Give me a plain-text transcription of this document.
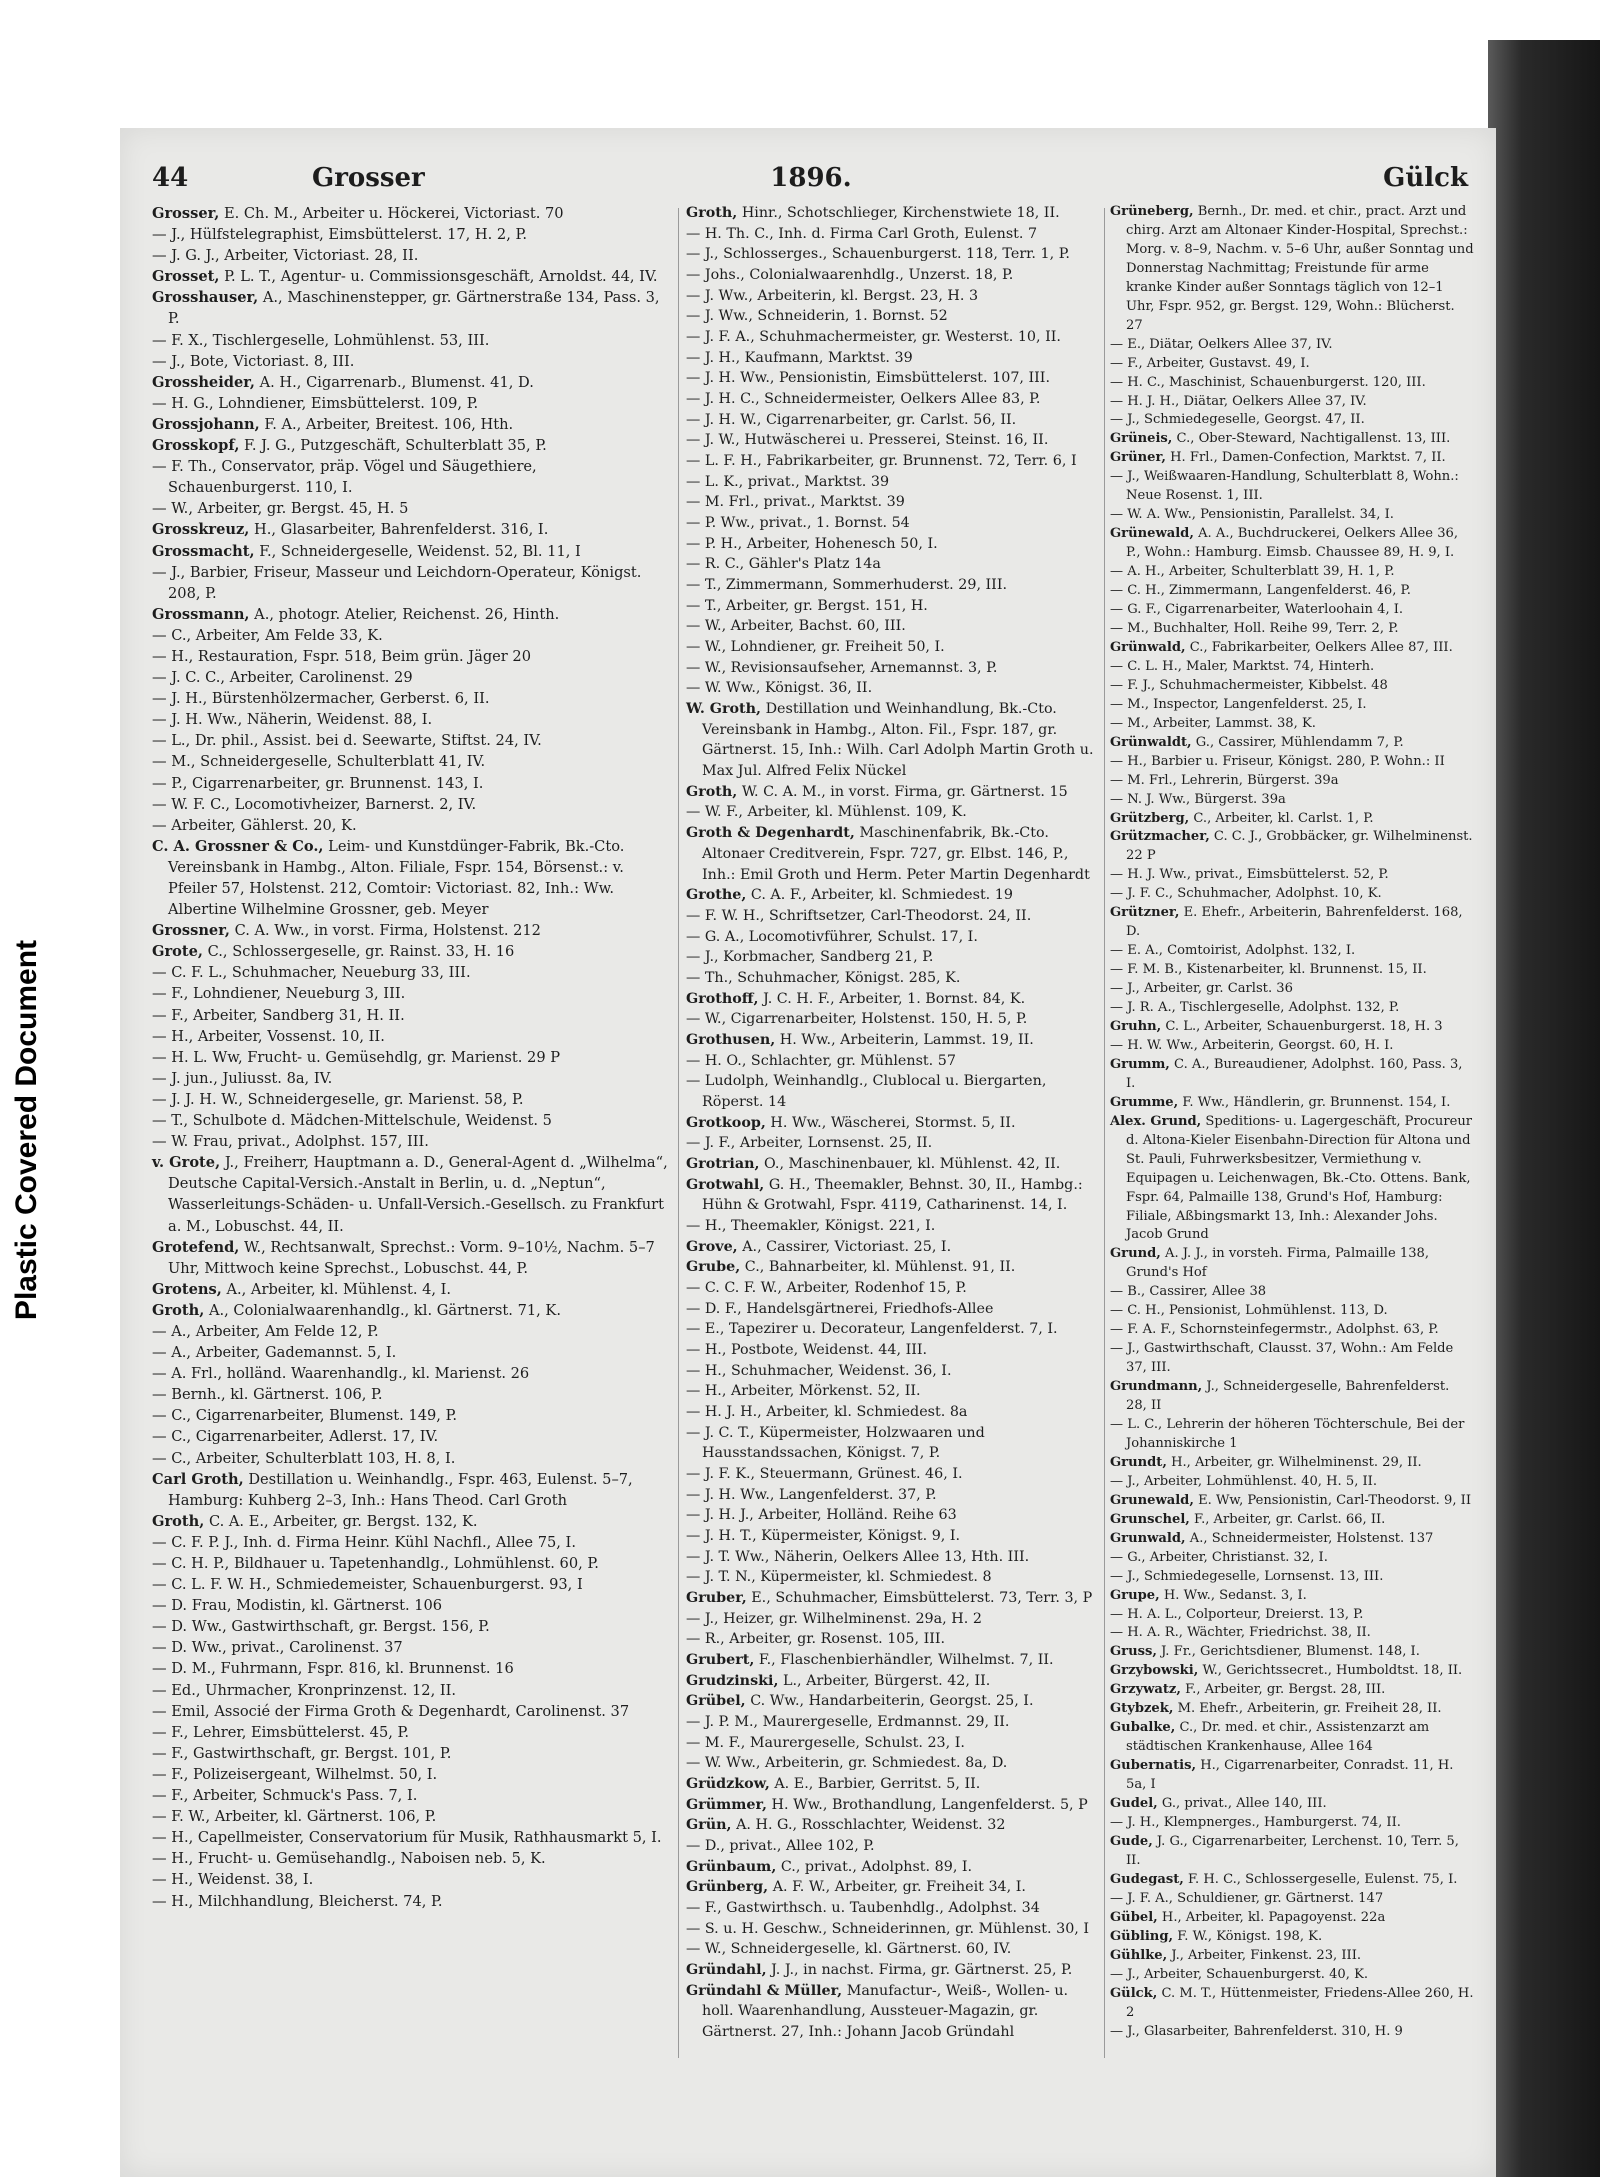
Plastic Covered Document
44	Grosser	1896.	Gülck

Grosser, E. Ch. M., Arbeiter u. Höckerei, Victoriast. 70

— J., Hülfstelegraphist, Eimsbüttelerst. 17, H. 2, P.

— J. G. J., Arbeiter, Victoriast. 28, II.

Grosset, P. L. T., Agentur- u. Commissionsgeschäft, Arnoldst. 44, IV.

Grosshauser, A., Maschinenstepper, gr. Gärtnerstraße 134, Pass. 3, P.

— F. X., Tischlergeselle, Lohmühlenst. 53, III.

— J., Bote, Victoriast. 8, III.

Grossheider, A. H., Cigarrenarb., Blumenst. 41, D.

— H. G., Lohndiener, Eimsbüttelerst. 109, P.

Grossjohann, F. A., Arbeiter, Breitest. 106, Hth.

Grosskopf, F. J. G., Putzgeschäft, Schulterblatt 35, P.

— F. Th., Conservator, präp. Vögel und Säugethiere, Schauenburgerst. 110, I.

— W., Arbeiter, gr. Bergst. 45, H. 5

Grosskreuz, H., Glasarbeiter, Bahrenfelderst. 316, I.

Grossmacht, F., Schneidergeselle, Weidenst. 52, Bl. 11, I

— J., Barbier, Friseur, Masseur und Leichdorn-Operateur, Königst. 208, P.

Grossmann, A., photogr. Atelier, Reichenst. 26, Hinth.

— C., Arbeiter, Am Felde 33, K.

— H., Restauration, Fspr. 518, Beim grün. Jäger 20

— J. C. C., Arbeiter, Carolinenst. 29

— J. H., Bürstenhölzermacher, Gerberst. 6, II.

— J. H. Ww., Näherin, Weidenst. 88, I.

— L., Dr. phil., Assist. bei d. Seewarte, Stiftst. 24, IV.

— M., Schneidergeselle, Schulterblatt 41, IV.

— P., Cigarrenarbeiter, gr. Brunnenst. 143, I.

— W. F. C., Locomotivheizer, Barnerst. 2, IV.

— Arbeiter, Gählerst. 20, K.

C. A. Grossner & Co., Leim- und Kunstdünger-Fabrik, Bk.-Cto. Vereinsbank in Hambg., Alton. Filiale, Fspr. 154, Börsenst.: v. Pfeiler 57, Holstenst. 212, Comtoir: Victoriast. 82, Inh.: Ww. Albertine Wilhelmine Grossner, geb. Meyer

Grossner, C. A. Ww., in vorst. Firma, Holstenst. 212

Grote, C., Schlossergeselle, gr. Rainst. 33, H. 16

— C. F. L., Schuhmacher, Neueburg 33, III.

— F., Lohndiener, Neueburg 3, III.

— F., Arbeiter, Sandberg 31, H. II.

— H., Arbeiter, Vossenst. 10, II.

— H. L. Ww, Frucht- u. Gemüsehdlg, gr. Marienst. 29 P

— J. jun., Juliusst. 8a, IV.

— J. J. H. W., Schneidergeselle, gr. Marienst. 58, P.

— T., Schulbote d. Mädchen-Mittelschule, Weidenst. 5

— W. Frau, privat., Adolphst. 157, III.

v. Grote, J., Freiherr, Hauptmann a. D., General-Agent d. „Wilhelma“, Deutsche Capital-Versich.-Anstalt in Berlin, u. d. „Neptun“, Wasserleitungs-Schäden- u. Unfall-Versich.-Gesellsch. zu Frankfurt a. M., Lobuschst. 44, II.

Grotefend, W., Rechtsanwalt, Sprechst.: Vorm. 9–10½, Nachm. 5–7 Uhr, Mittwoch keine Sprechst., Lobuschst. 44, P.

Grotens, A., Arbeiter, kl. Mühlenst. 4, I.

Groth, A., Colonialwaarenhandlg., kl. Gärtnerst. 71, K.

— A., Arbeiter, Am Felde 12, P.

— A., Arbeiter, Gademannst. 5, I.

— A. Frl., holländ. Waarenhandlg., kl. Marienst. 26

— Bernh., kl. Gärtnerst. 106, P.

— C., Cigarrenarbeiter, Blumenst. 149, P.

— C., Cigarrenarbeiter, Adlerst. 17, IV.

— C., Arbeiter, Schulterblatt 103, H. 8, I.

Carl Groth, Destillation u. Weinhandlg., Fspr. 463, Eulenst. 5–7, Hamburg: Kuhberg 2–3, Inh.: Hans Theod. Carl Groth

Groth, C. A. E., Arbeiter, gr. Bergst. 132, K.

— C. F. P. J., Inh. d. Firma Heinr. Kühl Nachfl., Allee 75, I.

— C. H. P., Bildhauer u. Tapetenhandlg., Lohmühlenst. 60, P.

— C. L. F. W. H., Schmiedemeister, Schauenburgerst. 93, I

— D. Frau, Modistin, kl. Gärtnerst. 106

— D. Ww., Gastwirthschaft, gr. Bergst. 156, P.

— D. Ww., privat., Carolinenst. 37

— D. M., Fuhrmann, Fspr. 816, kl. Brunnenst. 16

— Ed., Uhrmacher, Kronprinzenst. 12, II.

— Emil, Associé der Firma Groth & Degenhardt, Carolinenst. 37

— F., Lehrer, Eimsbüttelerst. 45, P.

— F., Gastwirthschaft, gr. Bergst. 101, P.

— F., Polizeisergeant, Wilhelmst. 50, I.

— F., Arbeiter, Schmuck's Pass. 7, I.

— F. W., Arbeiter, kl. Gärtnerst. 106, P.

— H., Capellmeister, Conservatorium für Musik, Rathhausmarkt 5, I.

— H., Frucht- u. Gemüsehandlg., Naboisen neb. 5, K.

— H., Weidenst. 38, I.

— H., Milchhandlung, Bleicherst. 74, P.

Groth, Hinr., Schotschlieger, Kirchenstwiete 18, II.

— H. Th. C., Inh. d. Firma Carl Groth, Eulenst. 7

— J., Schlosserges., Schauenburgerst. 118, Terr. 1, P.

— Johs., Colonialwaarenhdlg., Unzerst. 18, P.

— J. Ww., Arbeiterin, kl. Bergst. 23, H. 3

— J. Ww., Schneiderin, 1. Bornst. 52

— J. F. A., Schuhmachermeister, gr. Westerst. 10, II.

— J. H., Kaufmann, Marktst. 39

— J. H. Ww., Pensionistin, Eimsbüttelerst. 107, III.

— J. H. C., Schneidermeister, Oelkers Allee 83, P.

— J. H. W., Cigarrenarbeiter, gr. Carlst. 56, II.

— J. W., Hutwäscherei u. Presserei, Steinst. 16, II.

— L. F. H., Fabrikarbeiter, gr. Brunnenst. 72, Terr. 6, I

— L. K., privat., Marktst. 39

— M. Frl., privat., Marktst. 39

— P. Ww., privat., 1. Bornst. 54

— P. H., Arbeiter, Hohenesch 50, I.

— R. C., Gähler's Platz 14a

— T., Zimmermann, Sommerhuderst. 29, III.

— T., Arbeiter, gr. Bergst. 151, H.

— W., Arbeiter, Bachst. 60, III.

— W., Lohndiener, gr. Freiheit 50, I.

— W., Revisionsaufseher, Arnemannst. 3, P.

— W. Ww., Königst. 36, II.

W. Groth, Destillation und Weinhandlung, Bk.-Cto. Vereinsbank in Hambg., Alton. Fil., Fspr. 187, gr. Gärtnerst. 15, Inh.: Wilh. Carl Adolph Martin Groth u. Max Jul. Alfred Felix Nückel

Groth, W. C. A. M., in vorst. Firma, gr. Gärtnerst. 15

— W. F., Arbeiter, kl. Mühlenst. 109, K.

Groth & Degenhardt, Maschinenfabrik, Bk.-Cto. Altonaer Creditverein, Fspr. 727, gr. Elbst. 146, P., Inh.: Emil Groth und Herm. Peter Martin Degenhardt

Grothe, C. A. F., Arbeiter, kl. Schmiedest. 19

— F. W. H., Schriftsetzer, Carl-Theodorst. 24, II.

— G. A., Locomotivführer, Schulst. 17, I.

— J., Korbmacher, Sandberg 21, P.

— Th., Schuhmacher, Königst. 285, K.

Grothoff, J. C. H. F., Arbeiter, 1. Bornst. 84, K.

— W., Cigarrenarbeiter, Holstenst. 150, H. 5, P.

Grothusen, H. Ww., Arbeiterin, Lammst. 19, II.

— H. O., Schlachter, gr. Mühlenst. 57

— Ludolph, Weinhandlg., Clublocal u. Biergarten, Röperst. 14

Grotkoop, H. Ww., Wäscherei, Stormst. 5, II.

— J. F., Arbeiter, Lornsenst. 25, II.

Grotrian, O., Maschinenbauer, kl. Mühlenst. 42, II.

Grotwahl, G. H., Theemakler, Behnst. 30, II., Hambg.: Hühn & Grotwahl, Fspr. 4119, Catharinenst. 14, I.

— H., Theemakler, Königst. 221, I.

Grove, A., Cassirer, Victoriast. 25, I.

Grube, C., Bahnarbeiter, kl. Mühlenst. 91, II.

— C. C. F. W., Arbeiter, Rodenhof 15, P.

— D. F., Handelsgärtnerei, Friedhofs-Allee

— E., Tapezirer u. Decorateur, Langenfelderst. 7, I.

— H., Postbote, Weidenst. 44, III.

— H., Schuhmacher, Weidenst. 36, I.

— H., Arbeiter, Mörkenst. 52, II.

— H. J. H., Arbeiter, kl. Schmiedest. 8a

— J. C. T., Küpermeister, Holzwaaren und Hausstandssachen, Königst. 7, P.

— J. F. K., Steuermann, Grünest. 46, I.

— J. H. Ww., Langenfelderst. 37, P.

— J. H. J., Arbeiter, Holländ. Reihe 63

— J. H. T., Küpermeister, Königst. 9, I.

— J. T. Ww., Näherin, Oelkers Allee 13, Hth. III.

— J. T. N., Küpermeister, kl. Schmiedest. 8

Gruber, E., Schuhmacher, Eimsbüttelerst. 73, Terr. 3, P

— J., Heizer, gr. Wilhelminenst. 29a, H. 2

— R., Arbeiter, gr. Rosenst. 105, III.

Grubert, F., Flaschenbierhändler, Wilhelmst. 7, II.

Grudzinski, L., Arbeiter, Bürgerst. 42, II.

Grübel, C. Ww., Handarbeiterin, Georgst. 25, I.

— J. P. M., Maurergeselle, Erdmannst. 29, II.

— M. F., Maurergeselle, Schulst. 23, I.

— W. Ww., Arbeiterin, gr. Schmiedest. 8a, D.

Grüdzkow, A. E., Barbier, Gerritst. 5, II.

Grümmer, H. Ww., Brothandlung, Langenfelderst. 5, P

Grün, A. H. G., Rosschlachter, Weidenst. 32

— D., privat., Allee 102, P.

Grünbaum, C., privat., Adolphst. 89, I.

Grünberg, A. F. W., Arbeiter, gr. Freiheit 34, I.

— F., Gastwirthsch. u. Taubenhdlg., Adolphst. 34

— S. u. H. Geschw., Schneiderinnen, gr. Mühlenst. 30, I

— W., Schneidergeselle, kl. Gärtnerst. 60, IV.

Gründahl, J. J., in nachst. Firma, gr. Gärtnerst. 25, P.

Gründahl & Müller, Manufactur-, Weiß-, Wollen- u. holl. Waarenhandlung, Aussteuer-Magazin, gr. Gärtnerst. 27, Inh.: Johann Jacob Gründahl

Grüneberg, Bernh., Dr. med. et chir., pract. Arzt und chirg. Arzt am Altonaer Kinder-Hospital, Sprechst.: Morg. v. 8–9, Nachm. v. 5–6 Uhr, außer Sonntag und Donnerstag Nachmittag; Freistunde für arme kranke Kinder außer Sonntags täglich von 12–1 Uhr, Fspr. 952, gr. Bergst. 129, Wohn.: Blücherst. 27

— E., Diätar, Oelkers Allee 37, IV.

— F., Arbeiter, Gustavst. 49, I.

— H. C., Maschinist, Schauenburgerst. 120, III.

— H. J. H., Diätar, Oelkers Allee 37, IV.

— J., Schmiedegeselle, Georgst. 47, II.

Grüneis, C., Ober-Steward, Nachtigallenst. 13, III.

Grüner, H. Frl., Damen-Confection, Marktst. 7, II.

— J., Weißwaaren-Handlung, Schulterblatt 8, Wohn.: Neue Rosenst. 1, III.

— W. A. Ww., Pensionistin, Parallelst. 34, I.

Grünewald, A. A., Buchdruckerei, Oelkers Allee 36, P., Wohn.: Hamburg. Eimsb. Chaussee 89, H. 9, I.

— A. H., Arbeiter, Schulterblatt 39, H. 1, P.

— C. H., Zimmermann, Langenfelderst. 46, P.

— G. F., Cigarrenarbeiter, Waterloohain 4, I.

— M., Buchhalter, Holl. Reihe 99, Terr. 2, P.

Grünwald, C., Fabrikarbeiter, Oelkers Allee 87, III.

— C. L. H., Maler, Marktst. 74, Hinterh.

— F. J., Schuhmachermeister, Kibbelst. 48

— M., Inspector, Langenfelderst. 25, I.

— M., Arbeiter, Lammst. 38, K.

Grünwaldt, G., Cassirer, Mühlendamm 7, P.

— H., Barbier u. Friseur, Königst. 280, P. Wohn.: II

— M. Frl., Lehrerin, Bürgerst. 39a

— N. J. Ww., Bürgerst. 39a

Grützberg, C., Arbeiter, kl. Carlst. 1, P.

Grützmacher, C. C. J., Grobbäcker, gr. Wilhelminenst. 22 P

— H. J. Ww., privat., Eimsbüttelerst. 52, P.

— J. F. C., Schuhmacher, Adolphst. 10, K.

Grützner, E. Ehefr., Arbeiterin, Bahrenfelderst. 168, D.

— E. A., Comtoirist, Adolphst. 132, I.

— F. M. B., Kistenarbeiter, kl. Brunnenst. 15, II.

— J., Arbeiter, gr. Carlst. 36

— J. R. A., Tischlergeselle, Adolphst. 132, P.

Gruhn, C. L., Arbeiter, Schauenburgerst. 18, H. 3

— H. W. Ww., Arbeiterin, Georgst. 60, H. I.

Grumm, C. A., Bureaudiener, Adolphst. 160, Pass. 3, I.

Grumme, F. Ww., Händlerin, gr. Brunnenst. 154, I.

Alex. Grund, Speditions- u. Lagergeschäft, Procureur d. Altona-Kieler Eisenbahn-Direction für Altona und St. Pauli, Fuhrwerksbesitzer, Vermiethung v. Equipagen u. Leichenwagen, Bk.-Cto. Ottens. Bank, Fspr. 64, Palmaille 138, Grund's Hof, Hamburg: Filiale, Aßbingsmarkt 13, Inh.: Alexander Johs. Jacob Grund

Grund, A. J. J., in vorsteh. Firma, Palmaille 138, Grund's Hof

— B., Cassirer, Allee 38

— C. H., Pensionist, Lohmühlenst. 113, D.

— F. A. F., Schornsteinfegermstr., Adolphst. 63, P.

— J., Gastwirthschaft, Clausst. 37, Wohn.: Am Felde 37, III.

Grundmann, J., Schneidergeselle, Bahrenfelderst. 28, II

— L. C., Lehrerin der höheren Töchterschule, Bei der Johanniskirche 1

Grundt, H., Arbeiter, gr. Wilhelminenst. 29, II.

— J., Arbeiter, Lohmühlenst. 40, H. 5, II.

Grunewald, E. Ww, Pensionistin, Carl-Theodorst. 9, II

Grunschel, F., Arbeiter, gr. Carlst. 66, II.

Grunwald, A., Schneidermeister, Holstenst. 137

— G., Arbeiter, Christianst. 32, I.

— J., Schmiedegeselle, Lornsenst. 13, III.

Grupe, H. Ww., Sedanst. 3, I.

— H. A. L., Colporteur, Dreierst. 13, P.

— H. A. R., Wächter, Friedrichst. 38, II.

Gruss, J. Fr., Gerichtsdiener, Blumenst. 148, I.

Grzybowski, W., Gerichtssecret., Humboldtst. 18, II.

Grzywatz, F., Arbeiter, gr. Bergst. 28, III.

Gtybzek, M. Ehefr., Arbeiterin, gr. Freiheit 28, II.

Gubalke, C., Dr. med. et chir., Assistenzarzt am städtischen Krankenhause, Allee 164

Gubernatis, H., Cigarrenarbeiter, Conradst. 11, H. 5a, I

Gudel, G., privat., Allee 140, III.

— J. H., Klempnerges., Hamburgerst. 74, II.

Gude, J. G., Cigarrenarbeiter, Lerchenst. 10, Terr. 5, II.

Gudegast, F. H. C., Schlossergeselle, Eulenst. 75, I.

— J. F. A., Schuldiener, gr. Gärtnerst. 147

Gübel, H., Arbeiter, kl. Papagoyenst. 22a

Gübling, F. W., Königst. 198, K.

Gühlke, J., Arbeiter, Finkenst. 23, III.

— J., Arbeiter, Schauenburgerst. 40, K.

Gülck, C. M. T., Hüttenmeister, Friedens-Allee 260, H. 2

— J., Glasarbeiter, Bahrenfelderst. 310, H. 9
